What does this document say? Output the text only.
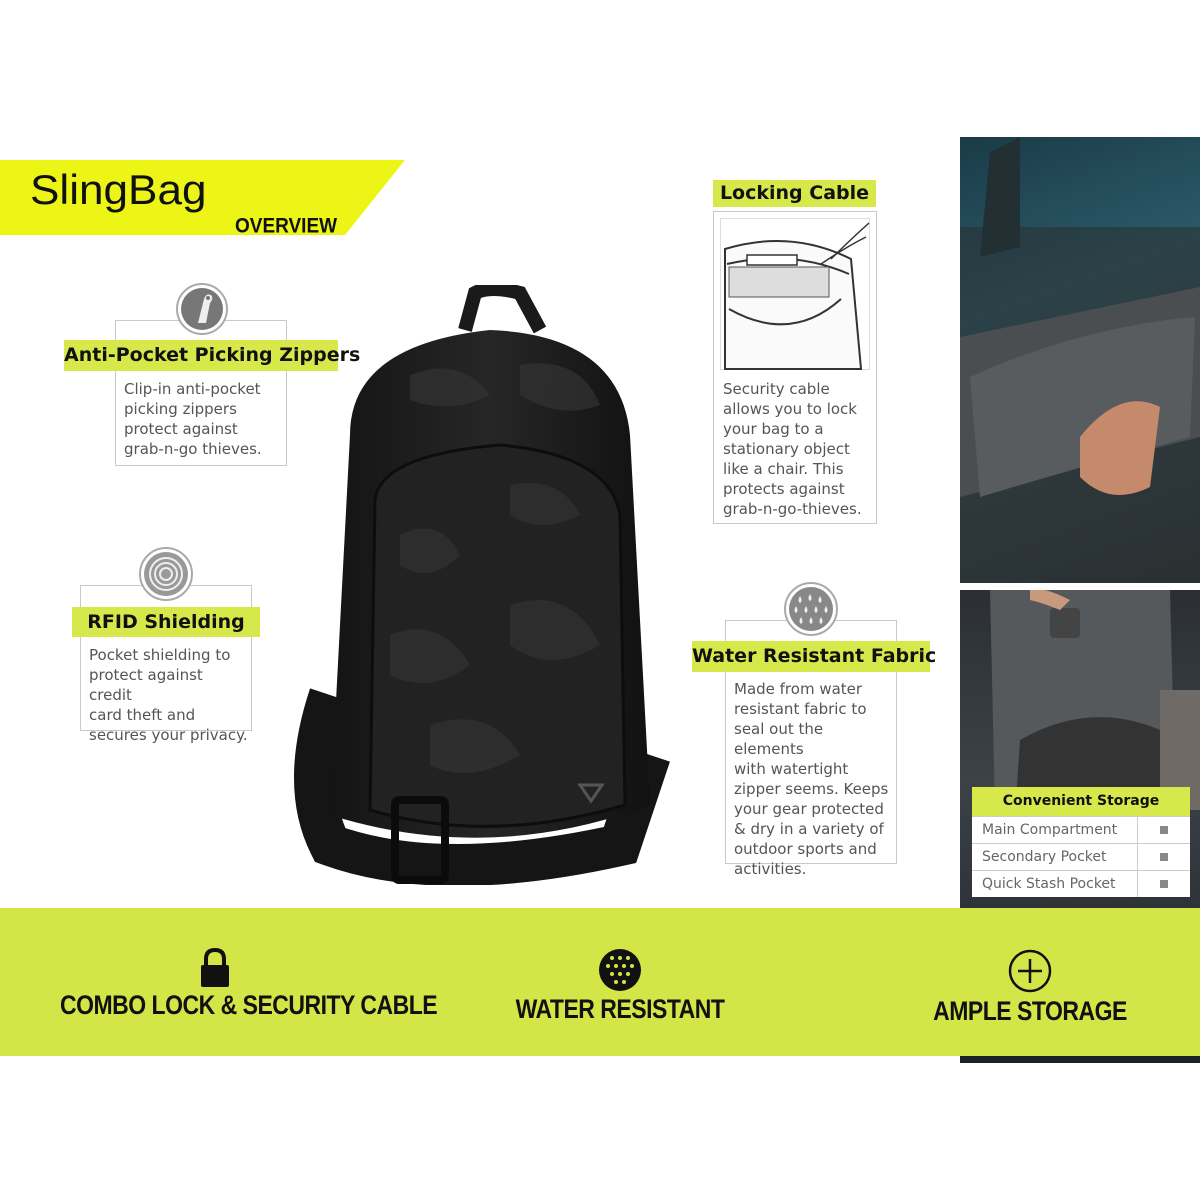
SlingBag
OVERVIEW
Anti-Pocket Picking Zippers
Clip-in anti-pocket
picking zippers
protect against
grab-n-go thieves.
RFID Shielding
Pocket shielding to
protect against credit
card theft and
secures your privacy.
Locking Cable
Security cable
allows you to lock
your bag to a
stationary object
like a chair. This
protects against
grab-n-go-thieves.
Water Resistant Fabric
Made from water
resistant fabric to
seal out the elements
with watertight
zipper seems. Keeps
your gear protected
& dry in a variety of
outdoor sports and
activities.
Convenient Storage
Main Compartment
Secondary Pocket
Quick Stash Pocket
COMBO LOCK & SECURITY CABLE	WATER RESISTANT	AMPLE STORAGE
